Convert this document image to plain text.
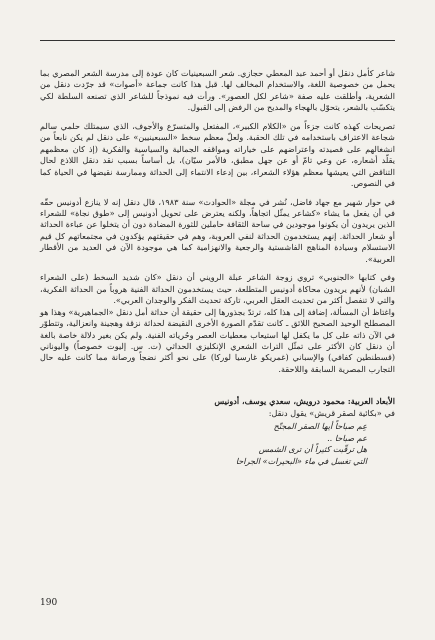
شاعر كأمل دنقل أو أحمد عبد المعطي حجازي. شعر السبعينيات كان عودة إلى مدرسة الشعر المصري بما يحمل من خصوصية اللغة، والاستخدام المخالف لها. قبل هذا كانت جماعة «أصوات» قد جرّدت دنقل من الشعرية، وأطلقت عليه صفة «شاعر لكل العصور». ورأت فيه نموذجاً للشاعر الذي تصنعه السلطة لكي يتكسّب بالشعر، يتحوّل بالهجاء والمديح من الرفض إلى القبول.

تصريحات كهذه كانت جزءاً من «الكلام الكبير»، المفتعل والمتسرّع والأجوف، الذي سيمتلك حلمي سالم شجاعة الاعتراف باستخدامه في تلك الحقبة. ولعلّ معظم سخط «السبعينيين» على دنقل لم يكن نابعاً من انشغالهم على قصيدته واعتراضهم على خياراته ومواقفه الجمالية والسياسية والفكرية (إذ كان معظمهم يقلّد أشعاره، عن وعي تامّ أو عن جهل مطبق، فالأمر سيّان)، بل أساساً بسبب نقد دنقل اللاذع لحال التناقض التي يعيشها معظم هؤلاء الشعراء، بين إدعاء الانتماء إلى الحداثة وممارسة نقيضها في الحياة كما في النصوص.

في حوار شهير مع جهاد فاضل، نُشر في مجلة «الحوادث» سنة ١٩٨٣، قال دنقل إنه لا ينازع أدونيس حقّه في أن يفعل ما يشاء «كشاعر يمثّل اتجاهاً، ولكنه يعترض على تحويل أدونيس إلى «طوق نجاة» للشعراء الذين يريدون أن يكونوا موجودين في ساحة الثقافة حاملين للثورة المضادة دون أن يتخلوا عن عباءة الحداثة أو شعار الحداثة. إنهم يستخدمون الحداثة لنفي العروبة، وهم في حقيقتهم يؤكدون في مجتمعاتهم كل قيم الاستسلام وسيادة المناهج الفاشستية والرجعية والانهزامية كما هي موجودة الآن في العديد من الأقطار العربية».

وفي كتابها «الجنوبي» تروي زوجة الشاعر عبلة الرويني أن دنقل «كان شديد السخط (على الشعراء الشبان) لأنهم يريدون محاكاة أدونيس المتطلعة، حيث يستخدمون الحداثة الفنية هروباً من الحداثة الفكرية، والتي لا تنفصل أكثر من تحديث العقل العربي، تاركة تحديث الفكر والوجدان العربي».

واغتاظ أن المسألة، إضافة إلى هذا كله، ترتدّ بجذورها إلى حقيقة أن حداثة أمل دنقل «الجماهيرية» وهذا هو المصطلح الوحيد الصحيح اللائق ـ كانت تقدّم الصورة الأخرى النقيضة لحداثة نزقة وهجينة وانعزالية، وتتطوّر في الآن ذاته على كل ما يكفل لها استيعاب معطيات العصر وحُرياته الفنية. ولم يكن بغير دلالة خاصة بالغة أن دنقل كان الأكثر على تمثّل التراث الشعري الإنكليزي الحداثي (ت. س. إليوت خصوصاً) واليوناني (قسطنطين كفافي) والإسباني (غمريكو غارسيا لوركا) على نحو أكثر نضجاً ورصانة مما كانت عليه حال التجارب المصرية السابقة واللاحقة.

الأبعاد العربية: محمود درويش، سعدي يوسف، أدونيس

في «بكائية لصقر قريش» يقول دنقل:

عِم صباحاً أيها الصقر المجنّح

عم صباحا ..

هل ترقّبت كثيراً أن ترى الشمس

التي تغسل في ماء «البحيرات» الجراحا

190
